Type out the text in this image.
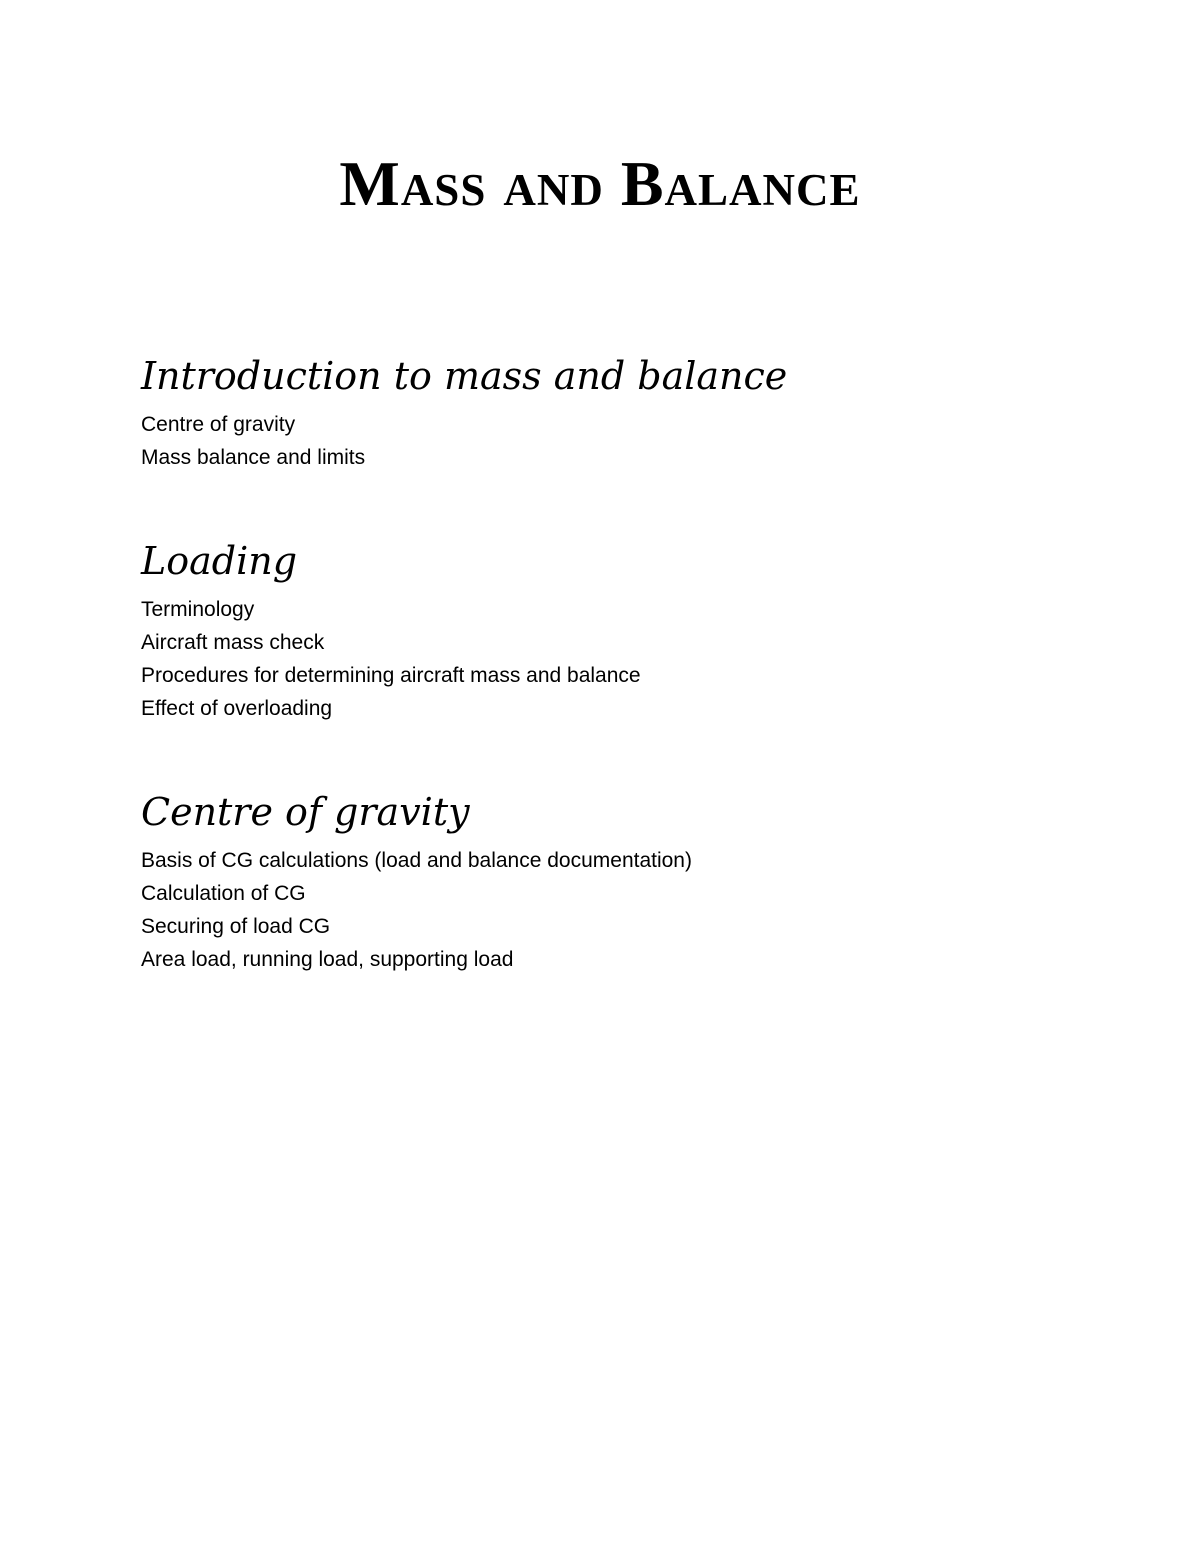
Mass and Balance
Introduction to mass and balance
Centre of gravity
Mass balance and limits
Loading
Terminology
Aircraft mass check
Procedures for determining aircraft mass and balance
Effect of overloading
Centre of gravity
Basis of CG calculations (load and balance documentation)
Calculation of CG
Securing of load CG
Area load, running load, supporting load
